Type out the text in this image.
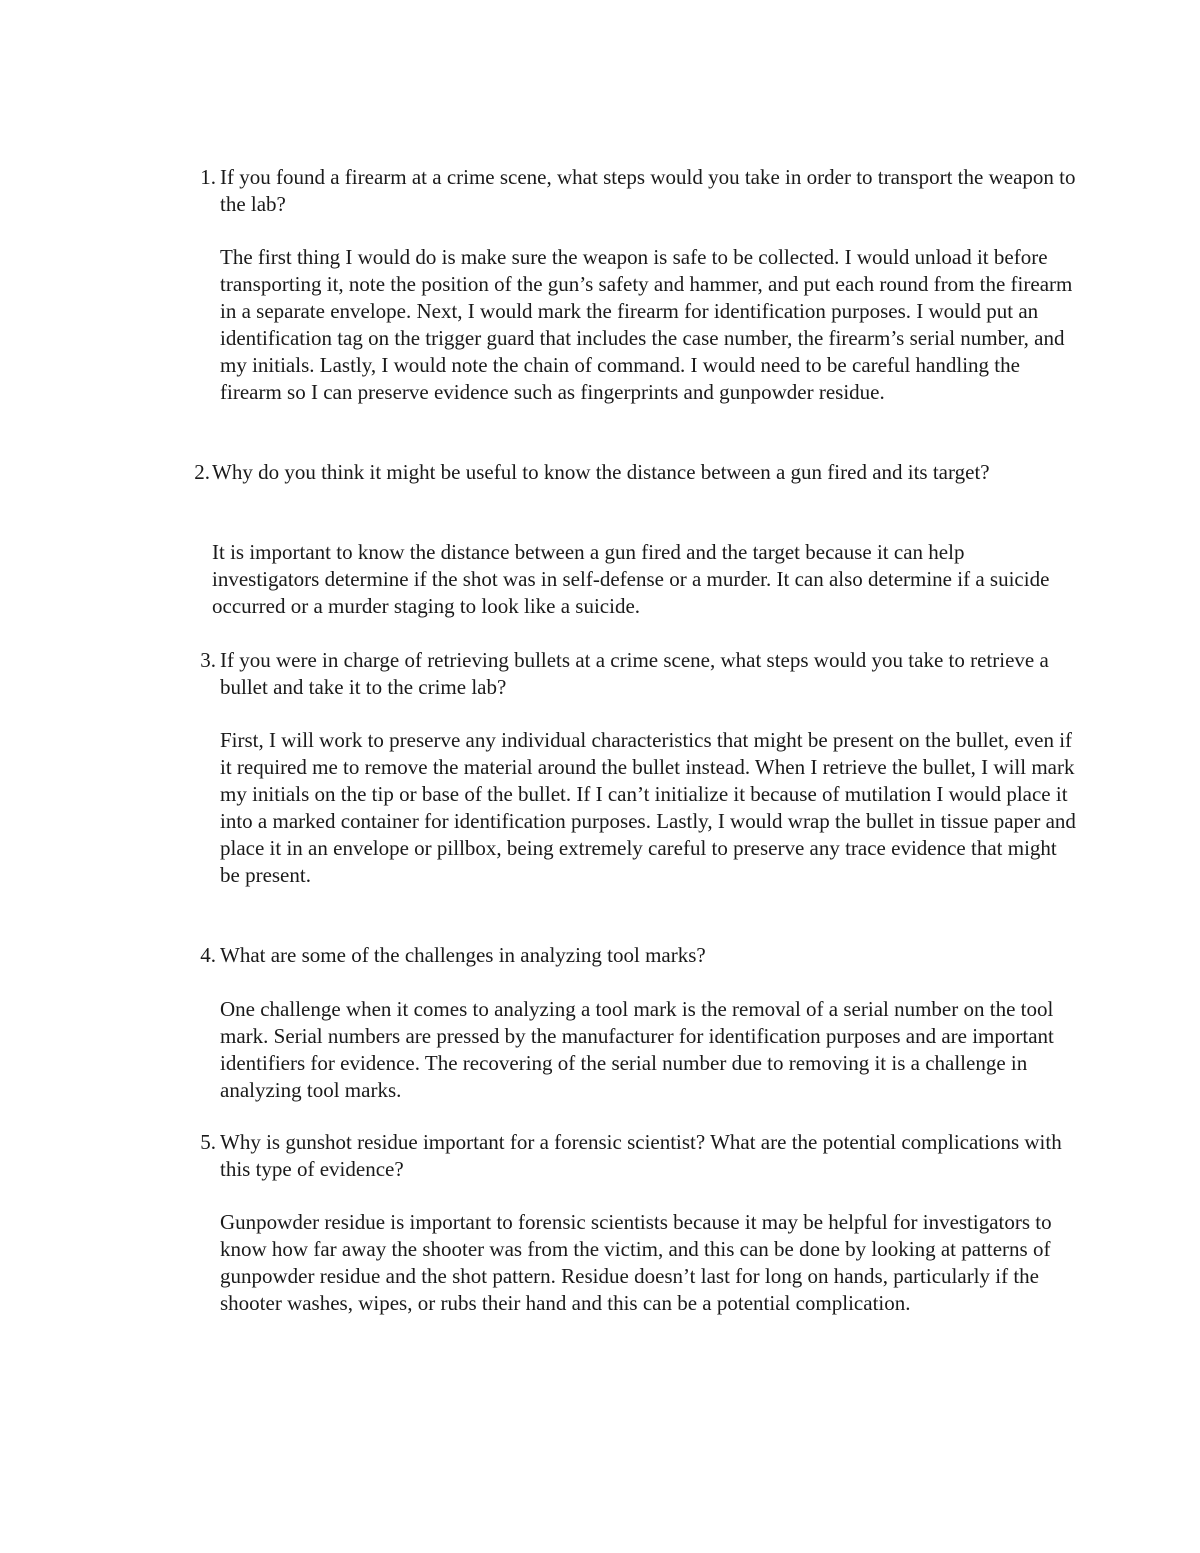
1. If you found a firearm at a crime scene, what steps would you take in order to transport the weapon to the lab?
The first thing I would do is make sure the weapon is safe to be collected. I would unload it before transporting it, note the position of the gun’s safety and hammer, and put each round from the firearm in a separate envelope. Next, I would mark the firearm for identification purposes. I would put an identification tag on the trigger guard that includes the case number, the firearm’s serial number, and my initials. Lastly, I would note the chain of command. I would need to be careful handling the firearm so I can preserve evidence such as fingerprints and gunpowder residue.
2. Why do you think it might be useful to know the distance between a gun fired and its target?
It is important to know the distance between a gun fired and the target because it can help investigators determine if the shot was in self-defense or a murder. It can also determine if a suicide occurred or a murder staging to look like a suicide.
3. If you were in charge of retrieving bullets at a crime scene, what steps would you take to retrieve a bullet and take it to the crime lab?
First, I will work to preserve any individual characteristics that might be present on the bullet, even if it required me to remove the material around the bullet instead. When I retrieve the bullet, I will mark my initials on the tip or base of the bullet. If I can’t initialize it because of mutilation I would place it into a marked container for identification purposes. Lastly, I would wrap the bullet in tissue paper and place it in an envelope or pillbox, being extremely careful to preserve any trace evidence that might be present.
4. What are some of the challenges in analyzing tool marks?
One challenge when it comes to analyzing a tool mark is the removal of a serial number on the tool mark. Serial numbers are pressed by the manufacturer for identification purposes and are important identifiers for evidence. The recovering of the serial number due to removing it is a challenge in analyzing tool marks.
5. Why is gunshot residue important for a forensic scientist? What are the potential complications with this type of evidence?
Gunpowder residue is important to forensic scientists because it may be helpful for investigators to know how far away the shooter was from the victim, and this can be done by looking at patterns of gunpowder residue and the shot pattern. Residue doesn’t last for long on hands, particularly if the shooter washes, wipes, or rubs their hand and this can be a potential complication.
